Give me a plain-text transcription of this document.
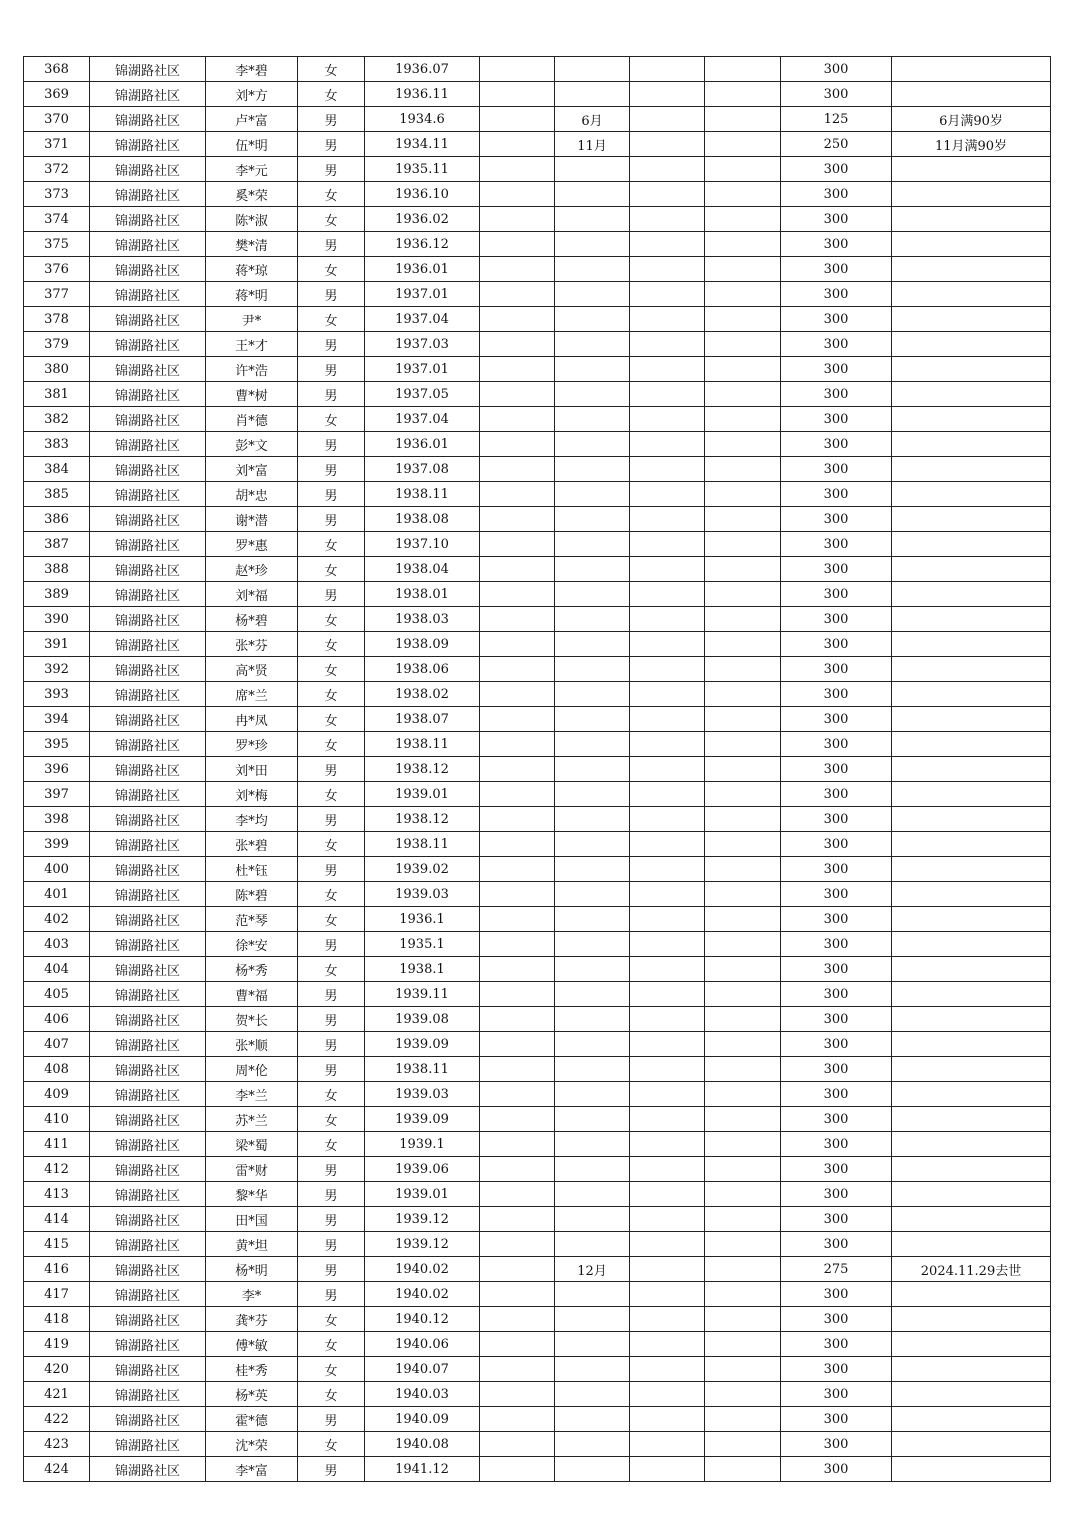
368	锦湖路社区	李*碧	女	1936.07					300	
369	锦湖路社区	刘*方	女	1936.11					300	
370	锦湖路社区	卢*富	男	1934.6		6月			125	6月满90岁
371	锦湖路社区	伍*明	男	1934.11		11月			250	11月满90岁
372	锦湖路社区	李*元	男	1935.11					300	
373	锦湖路社区	奚*荣	女	1936.10					300	
374	锦湖路社区	陈*淑	女	1936.02					300	
375	锦湖路社区	樊*清	男	1936.12					300	
376	锦湖路社区	蒋*琼	女	1936.01					300	
377	锦湖路社区	蒋*明	男	1937.01					300	
378	锦湖路社区	尹*	女	1937.04					300	
379	锦湖路社区	王*才	男	1937.03					300	
380	锦湖路社区	许*浩	男	1937.01					300	
381	锦湖路社区	曹*树	男	1937.05					300	
382	锦湖路社区	肖*德	女	1937.04					300	
383	锦湖路社区	彭*文	男	1936.01					300	
384	锦湖路社区	刘*富	男	1937.08					300	
385	锦湖路社区	胡*忠	男	1938.11					300	
386	锦湖路社区	谢*潜	男	1938.08					300	
387	锦湖路社区	罗*惠	女	1937.10					300	
388	锦湖路社区	赵*珍	女	1938.04					300	
389	锦湖路社区	刘*福	男	1938.01					300	
390	锦湖路社区	杨*碧	女	1938.03					300	
391	锦湖路社区	张*芬	女	1938.09					300	
392	锦湖路社区	高*贤	女	1938.06					300	
393	锦湖路社区	席*兰	女	1938.02					300	
394	锦湖路社区	冉*凤	女	1938.07					300	
395	锦湖路社区	罗*珍	女	1938.11					300	
396	锦湖路社区	刘*田	男	1938.12					300	
397	锦湖路社区	刘*梅	女	1939.01					300	
398	锦湖路社区	李*均	男	1938.12					300	
399	锦湖路社区	张*碧	女	1938.11					300	
400	锦湖路社区	杜*钰	男	1939.02					300	
401	锦湖路社区	陈*碧	女	1939.03					300	
402	锦湖路社区	范*琴	女	1936.1					300	
403	锦湖路社区	徐*安	男	1935.1					300	
404	锦湖路社区	杨*秀	女	1938.1					300	
405	锦湖路社区	曹*福	男	1939.11					300	
406	锦湖路社区	贺*长	男	1939.08					300	
407	锦湖路社区	张*顺	男	1939.09					300	
408	锦湖路社区	周*伦	男	1938.11					300	
409	锦湖路社区	李*兰	女	1939.03					300	
410	锦湖路社区	苏*兰	女	1939.09					300	
411	锦湖路社区	梁*蜀	女	1939.1					300	
412	锦湖路社区	雷*财	男	1939.06					300	
413	锦湖路社区	黎*华	男	1939.01					300	
414	锦湖路社区	田*国	男	1939.12					300	
415	锦湖路社区	黄*坦	男	1939.12					300	
416	锦湖路社区	杨*明	男	1940.02		12月			275	2024.11.29去世
417	锦湖路社区	李*	男	1940.02					300	
418	锦湖路社区	龚*芬	女	1940.12					300	
419	锦湖路社区	傅*敏	女	1940.06					300	
420	锦湖路社区	桂*秀	女	1940.07					300	
421	锦湖路社区	杨*英	女	1940.03					300	
422	锦湖路社区	霍*德	男	1940.09					300	
423	锦湖路社区	沈*荣	女	1940.08					300	
424	锦湖路社区	李*富	男	1941.12					300	
